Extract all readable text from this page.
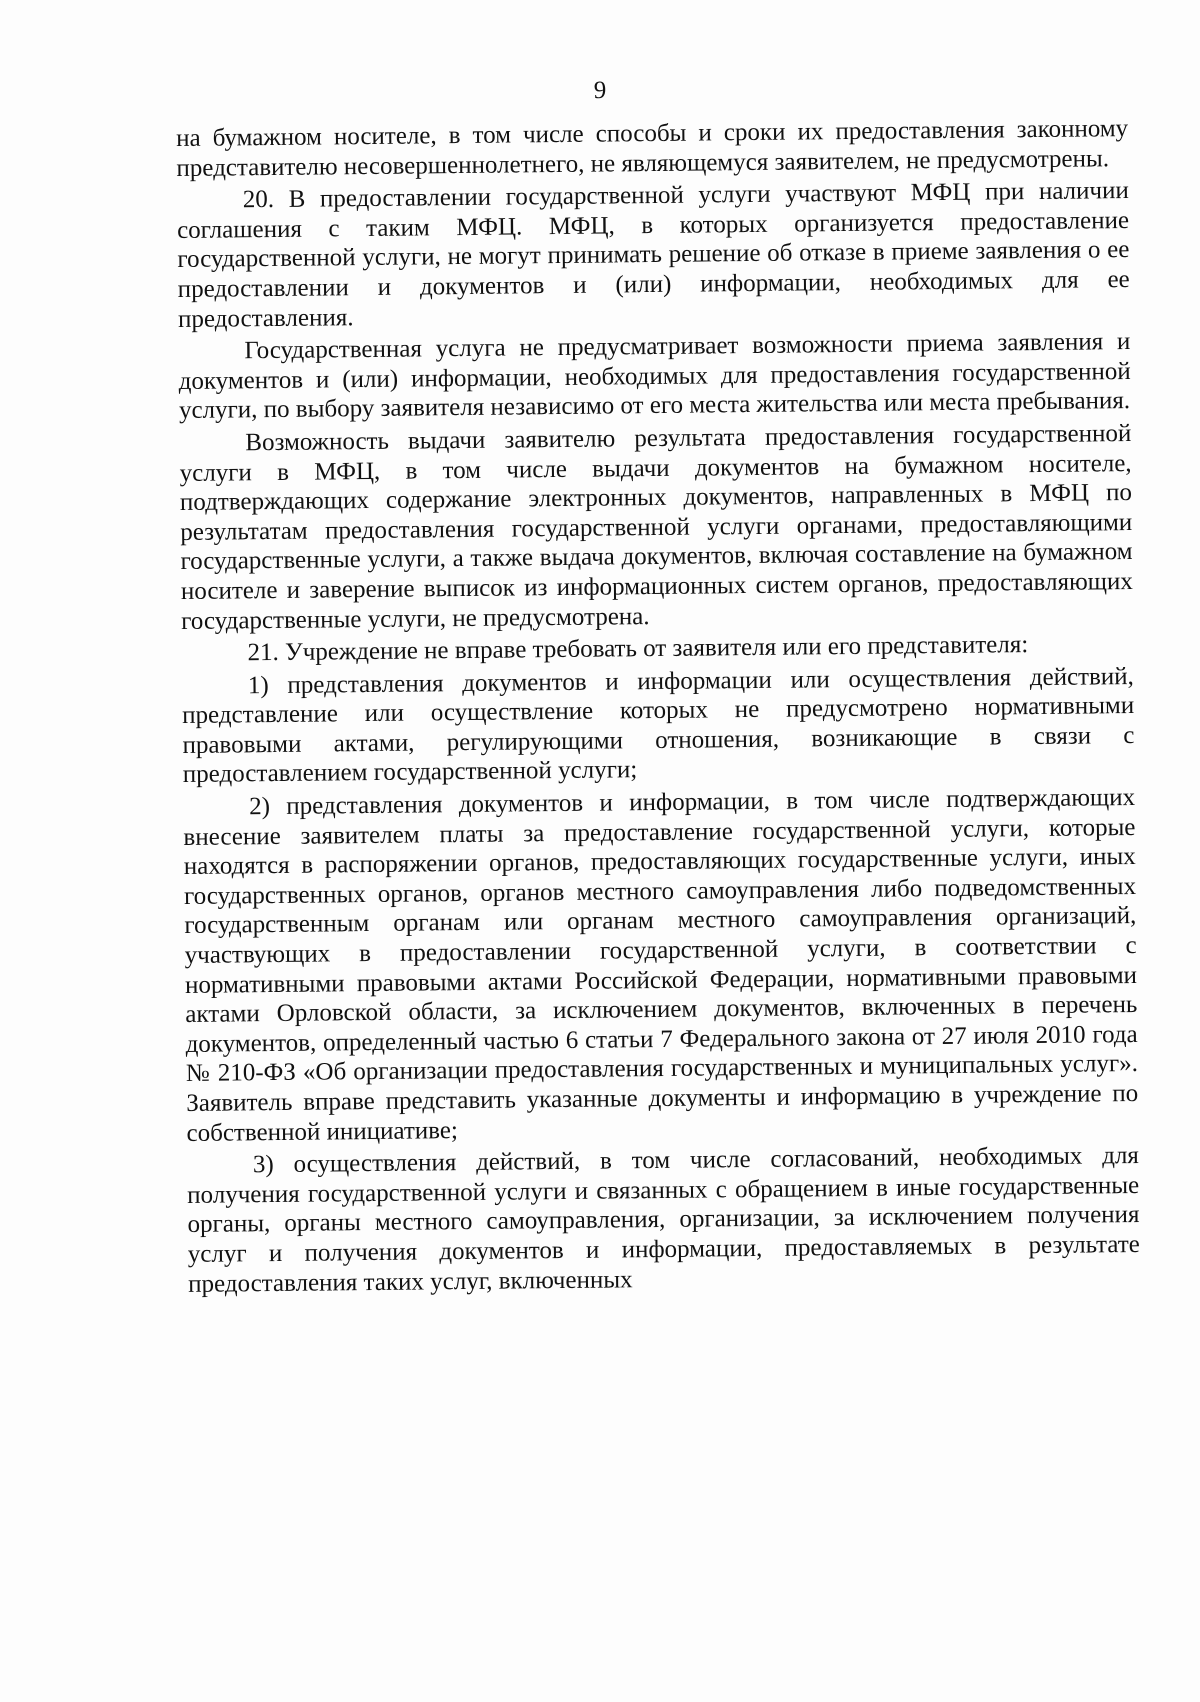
9

на бумажном носителе, в том числе способы и сроки их предоставления законному представителю несовершеннолетнего, не являющемуся заявителем, не предусмотрены.

20. В предоставлении государственной услуги участвуют МФЦ при наличии соглашения с таким МФЦ. МФЦ, в которых организуется предоставление государственной услуги, не могут принимать решение об отказе в приеме заявления о ее предоставлении и документов и (или) информации, необходимых для ее предоставления.

Государственная услуга не предусматривает возможности приема заявления и документов и (или) информации, необходимых для предоставления государственной услуги, по выбору заявителя независимо от его места жительства или места пребывания.

Возможность выдачи заявителю результата предоставления государственной услуги в МФЦ, в том числе выдачи документов на бумажном носителе, подтверждающих содержание электронных документов, направленных в МФЦ по результатам предоставления государственной услуги органами, предоставляющими государственные услуги, а также выдача документов, включая составление на бумажном носителе и заверение выписок из информационных систем органов, предоставляющих государственные услуги, не предусмотрена.

21. Учреждение не вправе требовать от заявителя или его представителя:

1) представления документов и информации или осуществления действий, представление или осуществление которых не предусмотрено нормативными правовыми актами, регулирующими отношения, возникающие в связи с предоставлением государственной услуги;

2) представления документов и информации, в том числе подтверждающих внесение заявителем платы за предоставление государственной услуги, которые находятся в распоряжении органов, предоставляющих государственные услуги, иных государственных органов, органов местного самоуправления либо подведомственных государственным органам или органам местного самоуправления организаций, участвующих в предоставлении государственной услуги, в соответствии с нормативными правовыми актами Российской Федерации, нормативными правовыми актами Орловской области, за исключением документов, включенных в перечень документов, определенный частью 6 статьи 7 Федерального закона от 27 июля 2010 года № 210-ФЗ «Об организации предоставления государственных и муниципальных услуг». Заявитель вправе представить указанные документы и информацию в учреждение по собственной инициативе;

3) осуществления действий, в том числе согласований, необходимых для получения государственной услуги и связанных с обращением в иные государственные органы, органы местного самоуправления, организации, за исключением получения услуг и получения документов и информации, предоставляемых в результате предоставления таких услуг, включенных
